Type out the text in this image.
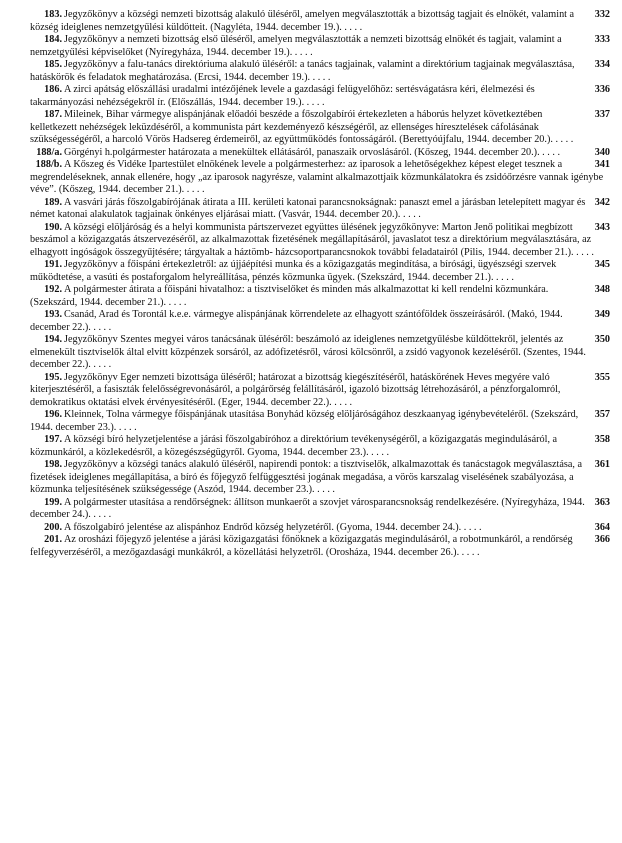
332
183. Jegyzőkönyv a községi nemzeti bizottság alakuló üléséről, amelyen megválasztották a bizottság tagjait és elnökét, valamint a község ideiglenes nemzetgyűlési küldötteit. (Nagyléta, 1944. december 19.). . . . .

333
184. Jegyzőkönyv a nemzeti bizottság első üléséről, amelyen megválasztották a nemzeti bizottság elnökét és tagjait, valamint a nemzetgyűlési képviselőket (Nyíregyháza, 1944. december 19.). . . . .

334
185. Jegyzőkönyv a falu-tanács direktóriuma alakuló üléséről: a tanács tagjainak, valamint a direktórium tagjainak megválasztása, hatáskörök és feladatok meghatározása. (Ercsi, 1944. december 19.). . . . .

336
186. A zirci apátság előszállási uradalmi intézőjének levele a gazdasági felügyelőhöz: sertésvágatásra kéri, élelmezési és takarmányozási nehézségekről ír. (Előszállás, 1944. december 19.). . . . .

337
187. Mileinek, Bihar vármegye alispánjának előadói beszéde a főszolgabírói értekezleten a háborús helyzet következtében kelletkezett nehézségek leküzdéséről, a kommunista párt kezdeményező készségéről, az ellenséges híresztelések cáfolásának szükségességéről, a harcoló Vörös Hadsereg érdemeiről, az együttműködés fontosságáról. (Berettyóújfalu, 1944. december 20.). . . . .

340
188/a. Görgényi h.polgármester határozata a menekültek ellátásáról, panaszaik orvoslásáról. (Kőszeg, 1944. december 20.). . . . .

341
188/b. A Kőszeg és Vidéke Ipartestület elnökének levele a polgármesterhez: az iparosok a lehetőségekhez képest eleget tesznek a megrendeléseknek, annak ellenére, hogy „az iparosok nagyrésze, valamint alkalmazottjaik közmunkálatokra és zsidóőrzésre vannak igénybe véve”. (Kőszeg, 1944. december 21.). . . . .

342
189. A vasvári járás főszolgabírójának átirata a III. kerületi katonai parancsnokságnak: panaszt emel a járásban letelepített magyar és német katonai alakulatok tagjainak önkényes eljárásai miatt. (Vasvár, 1944. december 20.). . . . .

343
190. A községi elöljáróság és a helyi kommunista pártszervezet együttes ülésének jegyzőkönyve: Marton Jenő politikai megbízott beszámol a közigazgatás átszervezéséről, az alkalmazottak fizetésének megállapításáról, javaslatot tesz a direktórium megválasztására, az elhagyott ingóságok összegyűjtésére; tárgyaltak a háztömb- házcsoportparancsnokok további feladatairól (Pilis, 1944. december 21.). . . . .

345
191. Jegyzőkönyv a főispáni értekezletről: az újjáépítési munka és a közigazgatás megindítása, a bírósági, ügyészségi szervek működtetése, a vasúti és postaforgalom helyreállítása, pénzés közmunka ügyek. (Szekszárd, 1944. december 21.). . . . .

348
192. A polgármester átirata a főispáni hivatalhoz: a tisztviselőket és minden más alkalmazottat ki kell rendelni közmunkára. (Szekszárd, 1944. december 21.). . . . .

349
193. Csanád, Arad és Torontál k.e.e. vármegye alispánjának körrendelete az elhagyott szántóföldek összeírásáról. (Makó, 1944. december 22.). . . . .

350
194. Jegyzőkönyv Szentes megyei város tanácsának üléséről: beszámoló az ideiglenes nemzetgyűlésbe küldöttekről, jelentés az elmenekült tisztviselők által elvitt közpénzek sorsáról, az adófizetésről, városi kölcsönről, a zsidó vagyonok kezeléséről. (Szentes, 1944. december 22.). . . . .

355
195. Jegyzőkönyv Eger nemzeti bizottsága üléséről; határozat a bizottság kiegészítéséről, hatáskörének Heves megyére való kiterjesztéséről, a fasiszták felelősségrevonásáról, a polgárőrség felállításáról, igazoló bizottság létrehozásáról, a pénzforgalomról, demokratikus oktatási elvek érvényesítéséről. (Eger, 1944. december 22.). . . . .

357
196. Kleinnek, Tolna vármegye főispánjának utasítása Bonyhád község elöljáróságához deszkaanyag igénybevételéről. (Szekszárd, 1944. december 23.). . . . .

358
197. A községi bíró helyzetjelentése a járási főszolgabíróhoz a direktórium tevékenységéről, a közigazgatás megindulásáról, a közmunkáról, a közlekedésről, a közegészségügyről. Gyoma, 1944. december 23.). . . . .

361
198. Jegyzőkönyv a községi tanács alakuló üléséről, napirendi pontok: a tisztviselők, alkalmazottak és tanácstagok megválasztása, a fizetések ideiglenes megállapítása, a bíró és főjegyző felfüggesztési jogának megadása, a vörös karszalag viselésének szabályozása, a közmunka teljesítésének szükségessége (Aszód, 1944. december 23.). . . . .

363
199. A polgármester utasítása a rendőrségnek: állítson munkaerőt a szovjet városparancsnokság rendelkezésére. (Nyíregyháza, 1944. december 24.). . . . .

364
200. A főszolgabíró jelentése az alispánhoz Endrőd község helyzetéről. (Gyoma, 1944. december 24.). . . . .

366
201. Az orosházi főjegyző jelentése a járási közigazgatási főnöknek a közigazgatás megindulásáról, a robotmunkáról, a rendőrség felfegyverzéséről, a mezőgazdasági munkákról, a közellátási helyzetről. (Orosháza, 1944. december 26.). . . . .
